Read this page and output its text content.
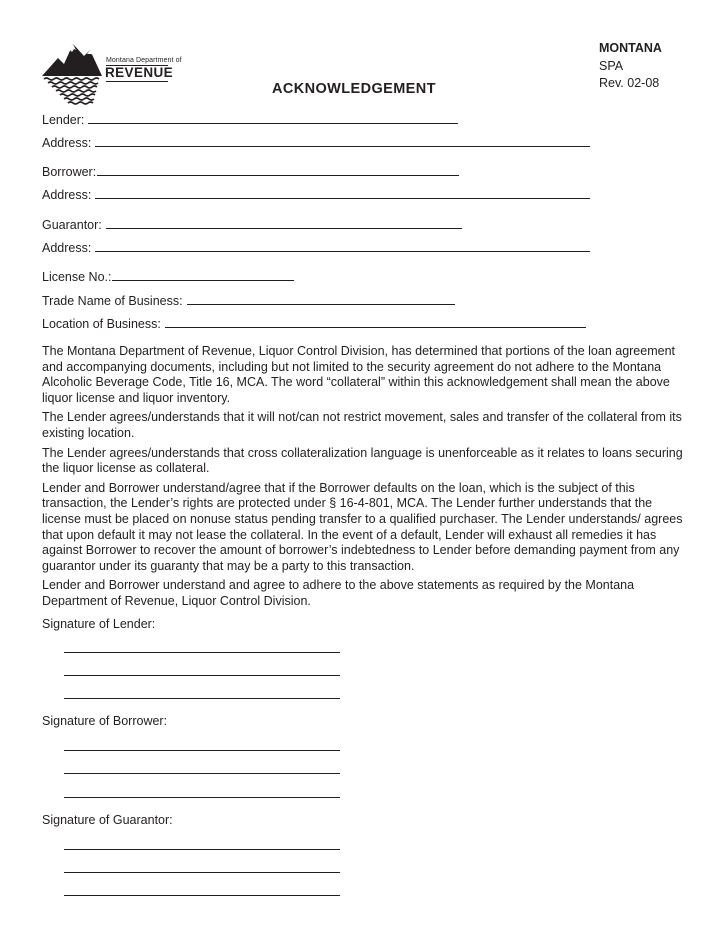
Montana Department of
REVENUE
ACKNOWLEDGEMENT
MONTANA
SPA
Rev. 02-08
Lender:
Address:
Borrower:
Address:
Guarantor:
Address:
License No.:
Trade Name of Business:
Location of Business:

The Montana Department of Revenue, Liquor Control Division, has determined that portions of the loan agreement and accompanying documents, including but not limited to the security agreement do not adhere to the Montana Alcoholic Beverage Code, Title 16, MCA. The word “collateral” within this acknowledgement shall mean the above liquor license and liquor inventory.

The Lender agrees/understands that it will not/can not restrict movement, sales and transfer of the collateral from its existing location.

The Lender agrees/understands that cross collateralization language is unenforceable as it relates to loans securing the liquor license as collateral.

Lender and Borrower understand/agree that if the Borrower defaults on the loan, which is the subject of this transaction, the Lender’s rights are protected under § 16-4-801, MCA. The Lender further understands that the license must be placed on nonuse status pending transfer to a qualified purchaser. The Lender understands/ agrees that upon default it may not lease the collateral. In the event of a default, Lender will exhaust all remedies it has against Borrower to recover the amount of borrower’s indebtedness to Lender before demanding payment from any guarantor under its guaranty that may be a party to this transaction.

Lender and Borrower understand and agree to adhere to the above statements as required by the Montana Department of Revenue, Liquor Control Division.

Signature of Lender:
Signature of Borrower:
Signature of Guarantor:
